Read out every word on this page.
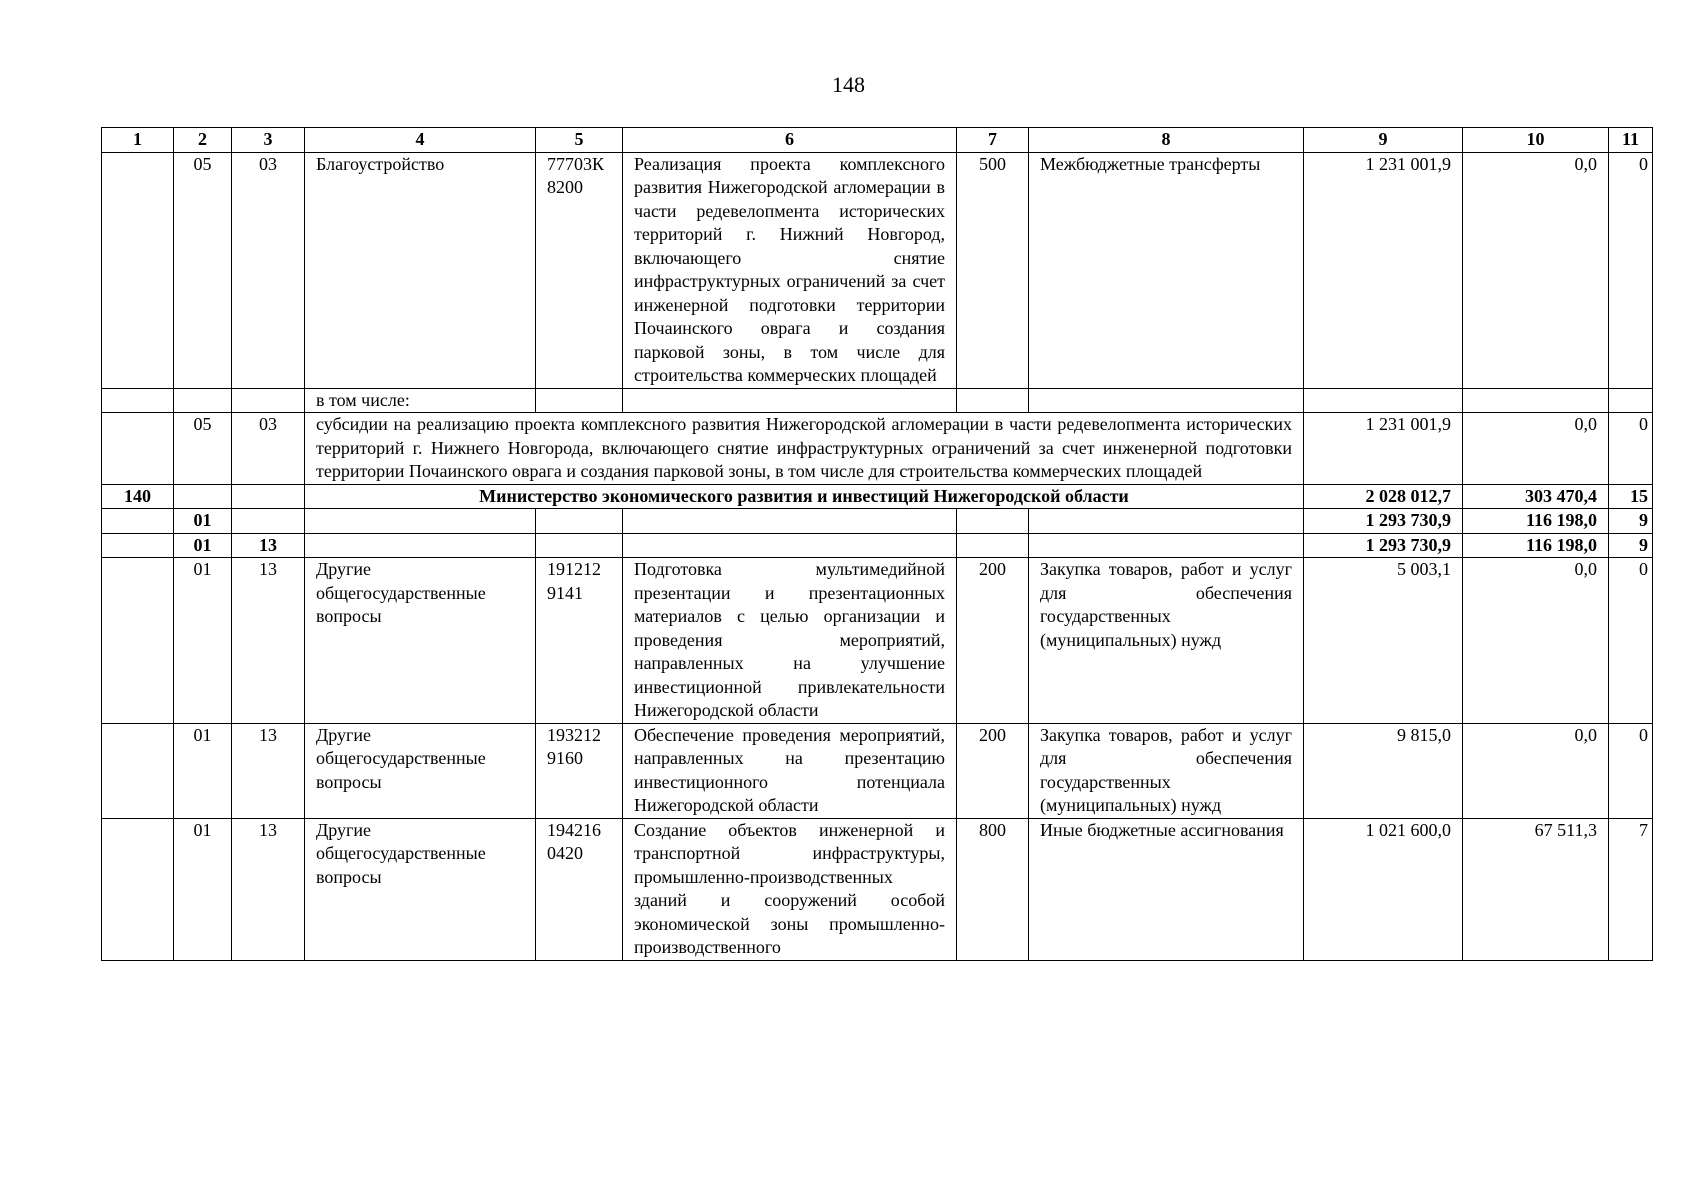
148
1	2	3	4	5	6	7	8	9	10	11
	05	03	Благоустройство	77703К 8200	Реализация проекта комплексного развития Нижегородской агломерации в части редевелопмента исторических территорий г. Нижний Новгород, включающего снятие инфраструктурных ограничений за счет инженерной подготовки территории Почаинского оврага и создания парковой зоны, в том числе для строительства коммерческих площадей	500	Межбюджетные трансферты	1 231 001,9	0,0	0
			в том числе:							
	05	03	субсидии на реализацию проекта комплексного развития Нижегородской агломерации в части редевелопмента исторических территорий г. Нижнего Новгорода, включающего снятие инфраструктурных ограничений за счет инженерной подготовки территории Почаинского оврага и создания парковой зоны, в том числе для строительства коммерческих площадей					1 231 001,9	0,0	0
140			Министерство экономического развития и инвестиций Нижегородской области					2 028 012,7	303 470,4	15
	01							1 293 730,9	116 198,0	9
	01	13						1 293 730,9	116 198,0	9
	01	13	Другие общегосударственные вопросы	191212 9141	Подготовка мультимедийной презентации и презентационных материалов с целью организации и проведения мероприятий, направленных на улучшение инвестиционной привлекательности Нижегородской области	200	Закупка товаров, работ и услуг для обеспечения государственных (муниципальных) нужд	5 003,1	0,0	0
	01	13	Другие общегосударственные вопросы	193212 9160	Обеспечение проведения мероприятий, направленных на презентацию инвестиционного потенциала Нижегородской области	200	Закупка товаров, работ и услуг для обеспечения государственных (муниципальных) нужд	9 815,0	0,0	0
	01	13	Другие общегосударственные вопросы	194216 0420	Создание объектов инженерной и транспортной инфраструктуры, промышленно-производственных зданий и сооружений особой экономической зоны промышленно-производственного	800	Иные бюджетные ассигнования	1 021 600,0	67 511,3	7
